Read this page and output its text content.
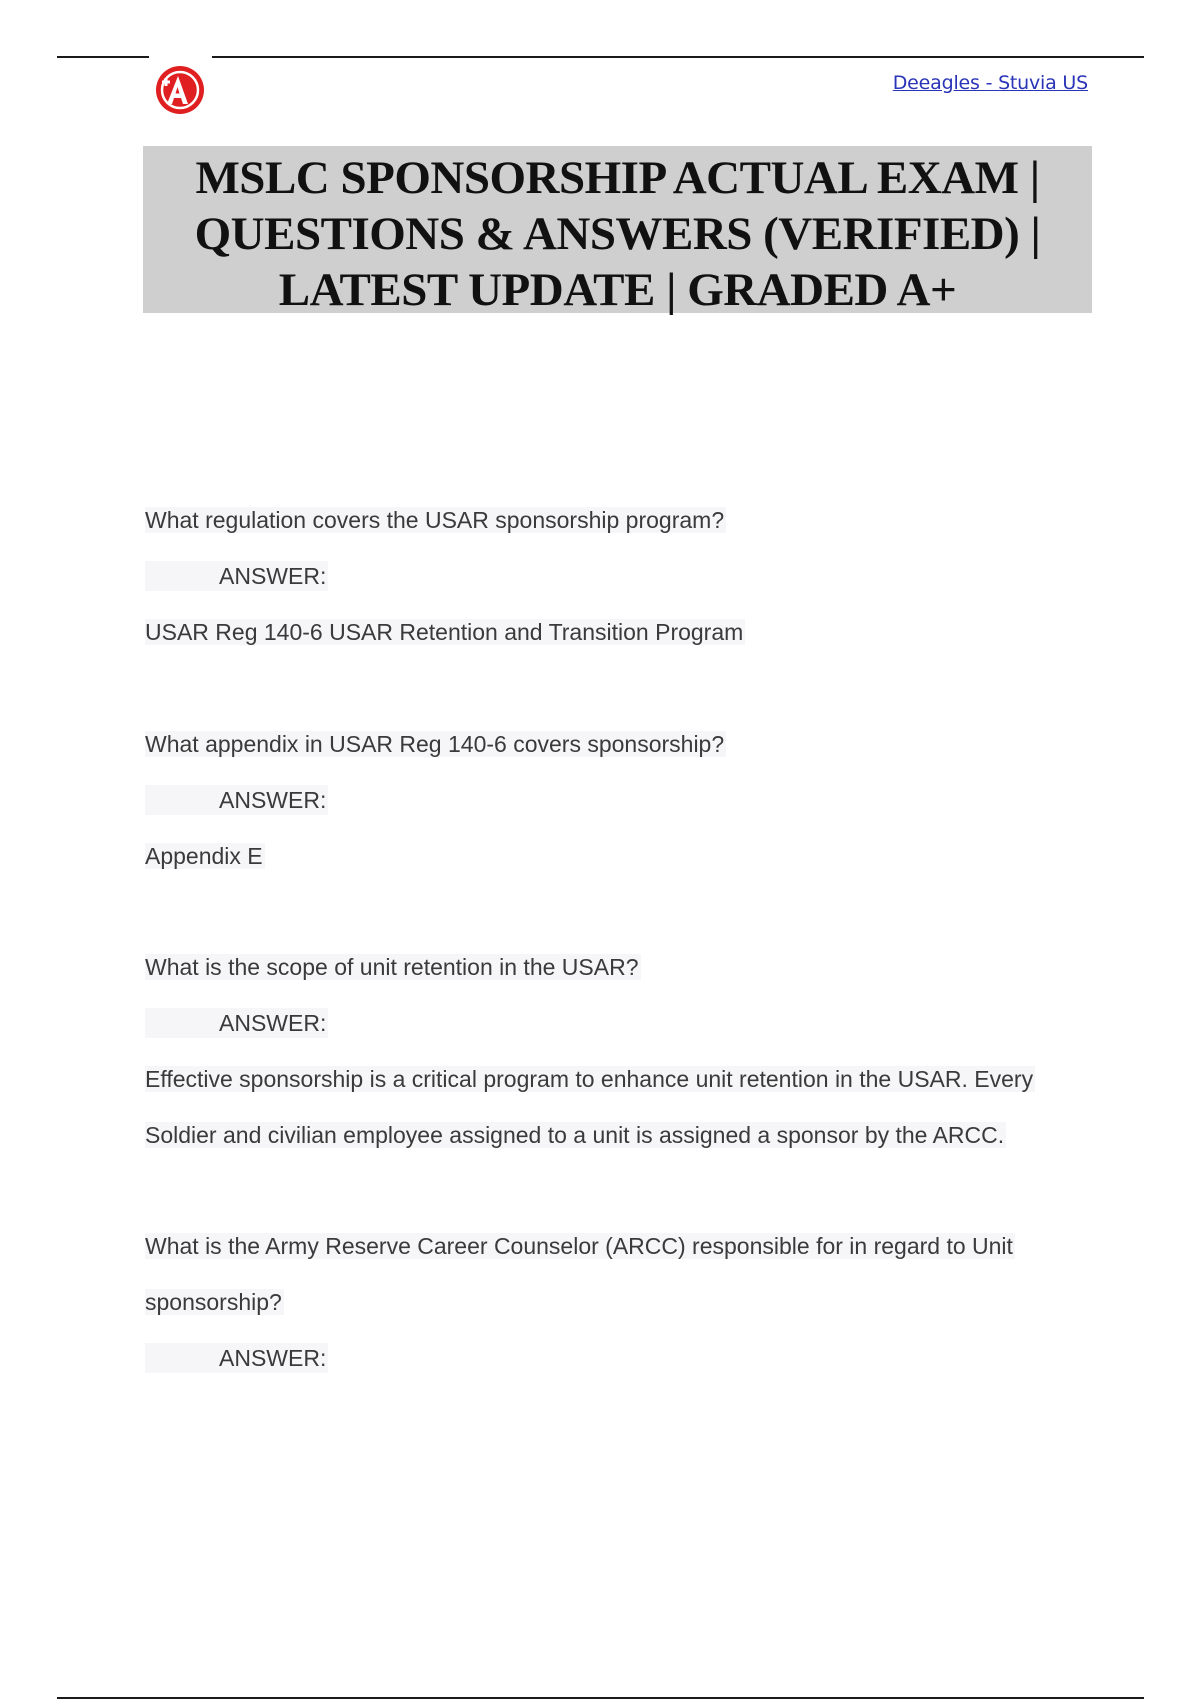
Deeagles - Stuvia US
MSLC SPONSORSHIP ACTUAL EXAM |
QUESTIONS & ANSWERS (VERIFIED) |
LATEST UPDATE | GRADED A+

What regulation covers the USAR sponsorship program?

ANSWER:

USAR Reg 140-6 USAR Retention and Transition Program

What appendix in USAR Reg 140-6 covers sponsorship?

ANSWER:

Appendix E

What is the scope of unit retention in the USAR?

ANSWER:

Effective sponsorship is a critical program to enhance unit retention in the USAR. Every

Soldier and civilian employee assigned to a unit is assigned a sponsor by the ARCC.

What is the Army Reserve Career Counselor (ARCC) responsible for in regard to Unit

sponsorship?

ANSWER:
